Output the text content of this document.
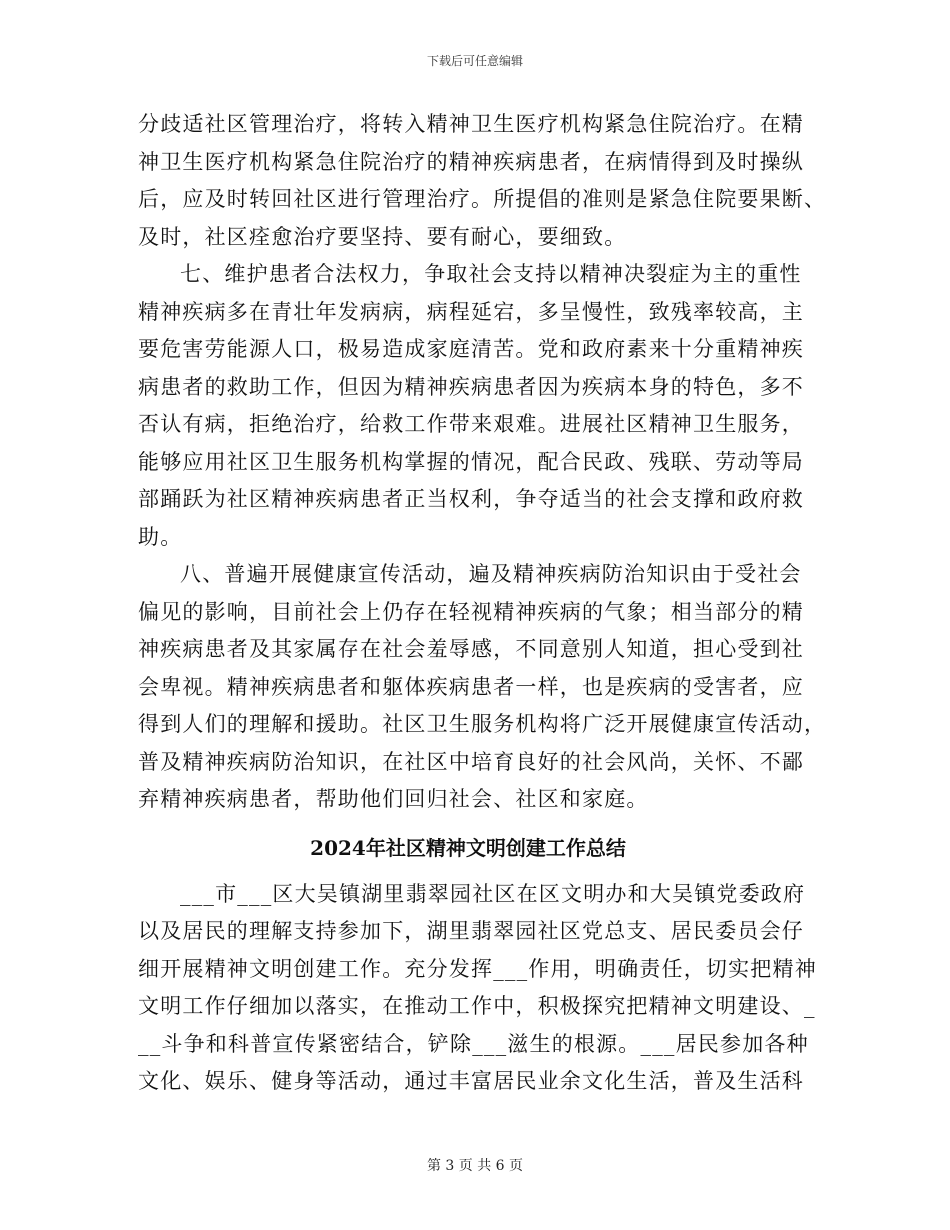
下载后可任意编辑
分歧适社区管理治疗，将转入精神卫生医疗机构紧急住院治疗。在精
神卫生医疗机构紧急住院治疗的精神疾病患者，在病情得到及时操纵
后，应及时转回社区进行管理治疗。所提倡的准则是紧急住院要果断、
及时，社区痊愈治疗要坚持、要有耐心，要细致。
七、维护患者合法权力，争取社会支持以精神决裂症为主的重性
精神疾病多在青壮年发病病，病程延宕，多呈慢性，致残率较高，主
要危害劳能源人口，极易造成家庭清苦。党和政府素来十分重精神疾
病患者的救助工作，但因为精神疾病患者因为疾病本身的特色，多不
否认有病，拒绝治疗，给救工作带来艰难。进展社区精神卫生服务，
能够应用社区卫生服务机构掌握的情况，配合民政、残联、劳动等局
部踊跃为社区精神疾病患者正当权利，争夺适当的社会支撑和政府救
助。
八、普遍开展健康宣传活动，遍及精神疾病防治知识由于受社会
偏见的影响，目前社会上仍存在轻视精神疾病的气象；相当部分的精
神疾病患者及其家属存在社会羞辱感，不同意别人知道，担心受到社
会卑视。精神疾病患者和躯体疾病患者一样，也是疾病的受害者，应
得到人们的理解和援助。社区卫生服务机构将广泛开展健康宣传活动，
普及精神疾病防治知识，在社区中培育良好的社会风尚，关怀、不鄙
弃精神疾病患者，帮助他们回归社会、社区和家庭。
2024年社区精神文明创建工作总结
___市___区大吴镇湖里翡翠园社区在区文明办和大吴镇党委政府
以及居民的理解支持参加下，湖里翡翠园社区党总支、居民委员会仔
细开展精神文明创建工作。充分发挥___作用，明确责任，切实把精神
文明工作仔细加以落实，在推动工作中，积极探究把精神文明建设、_
__斗争和科普宣传紧密结合，铲除___滋生的根源。___居民参加各种
文化、娱乐、健身等活动，通过丰富居民业余文化生活，普及生活科
第 3 页 共 6 页
